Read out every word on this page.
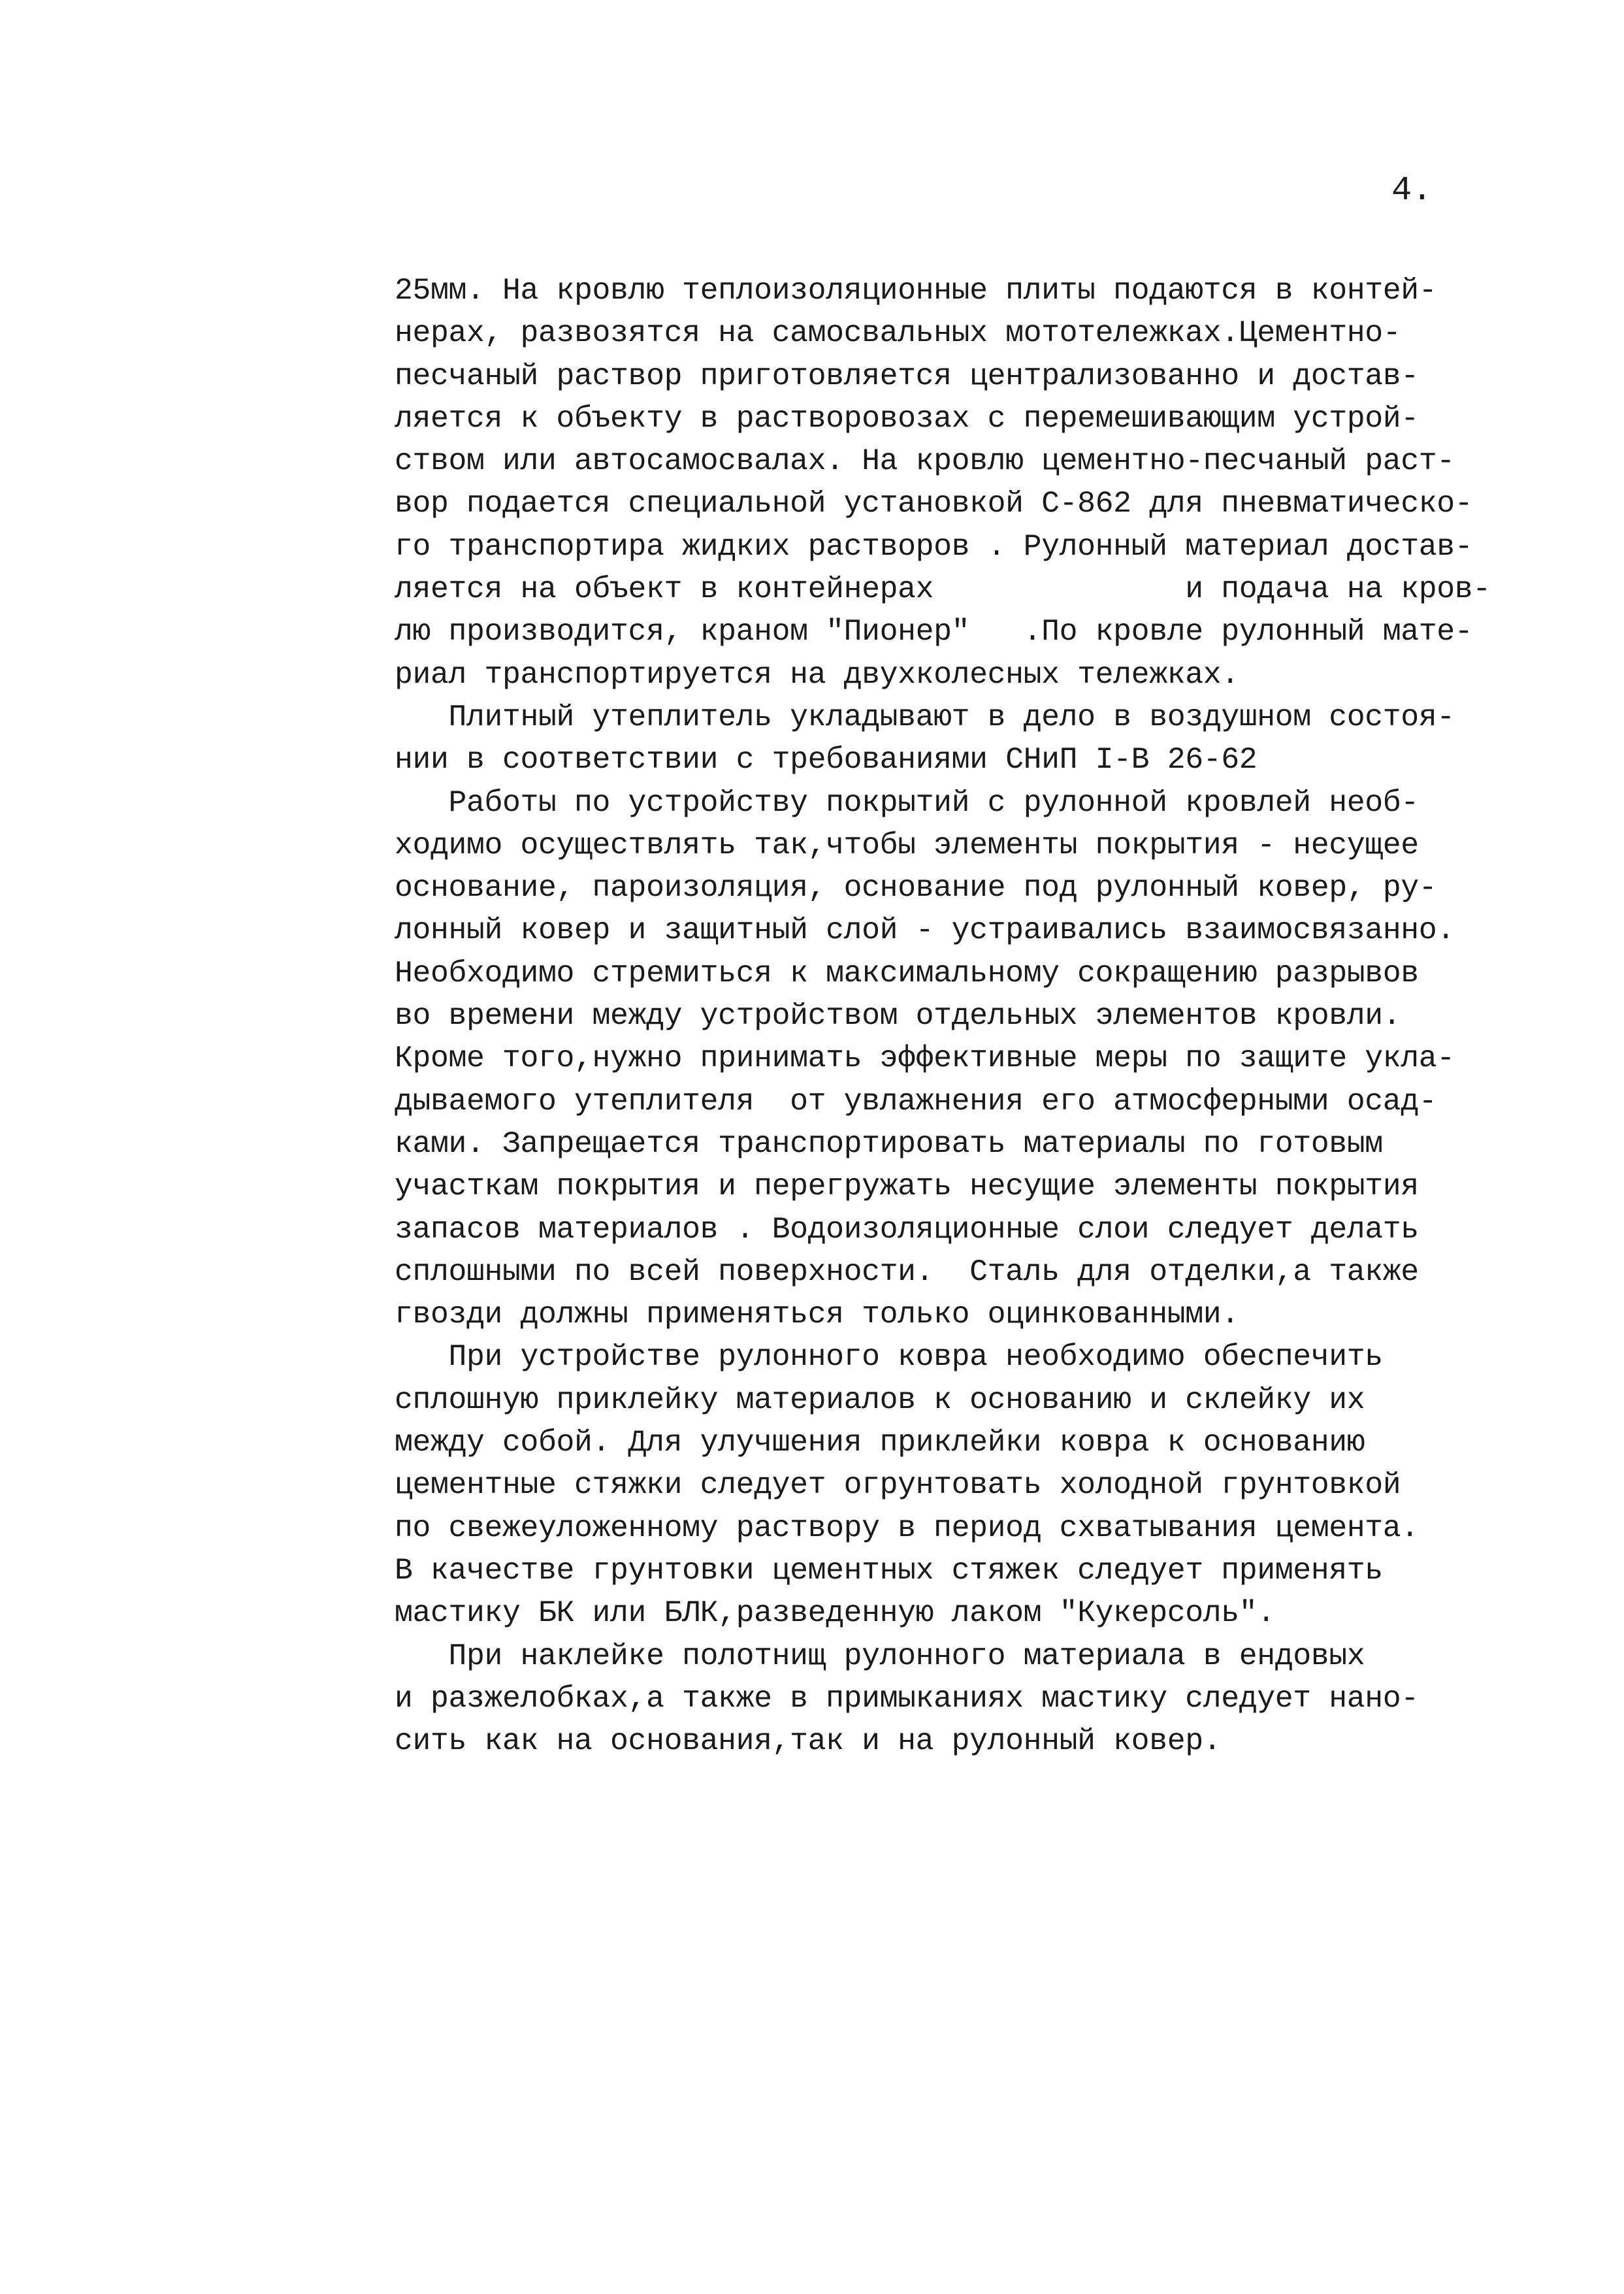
4.
25мм. На кровлю теплоизоляционные плиты подаются в контей-
нерах, развозятся на самосвальных мототележках.Цементно-
песчаный раствор приготовляется централизованно и достав-
ляется к объекту в растворовозах с перемешивающим устрой-
ством или автосамосвалах. На кровлю цементно-песчаный раст-
вор подается специальной установкой С-862 для пневматическо-
го транспортира жидких растворов . Рулонный материал достав-
ляется на объект в контейнерах              и подача на кров-
лю производится, краном "Пионер"   .По кровле рулонный мате-
риал транспортируется на двухколесных тележках.
Плитный утеплитель укладывают в дело в воздушном состоя-
нии в соответствии с требованиями СНиП I-В 26-62
Работы по устройству покрытий с рулонной кровлей необ-
ходимо осуществлять так,чтобы элементы покрытия - несущее
основание, пароизоляция, основание под рулонный ковер, ру-
лонный ковер и защитный слой - устраивались взаимосвязанно.
Необходимо стремиться к максимальному сокращению разрывов
во времени между устройством отдельных элементов кровли.
Кроме того,нужно принимать эффективные меры по защите укла-
дываемого утеплителя  от увлажнения его атмосферными осад-
ками. Запрещается транспортировать материалы по готовым
участкам покрытия и перегружать несущие элементы покрытия
запасов материалов . Водоизоляционные слои следует делать
сплошными по всей поверхности.  Сталь для отделки,а также
гвозди должны применяться только оцинкованными.
При устройстве рулонного ковра необходимо обеспечить
сплошную приклейку материалов к основанию и склейку их
между собой. Для улучшения приклейки ковра к основанию
цементные стяжки следует огрунтовать холодной грунтовкой
по свежеуложенному раствору в период схватывания цемента.
В качестве грунтовки цементных стяжек следует применять
мастику БК или БЛК,разведенную лаком "Кукерсоль".
При наклейке полотнищ рулонного материала в ендовых
и разжелобках,а также в примыканиях мастику следует нано-
сить как на основания,так и на рулонный ковер.
